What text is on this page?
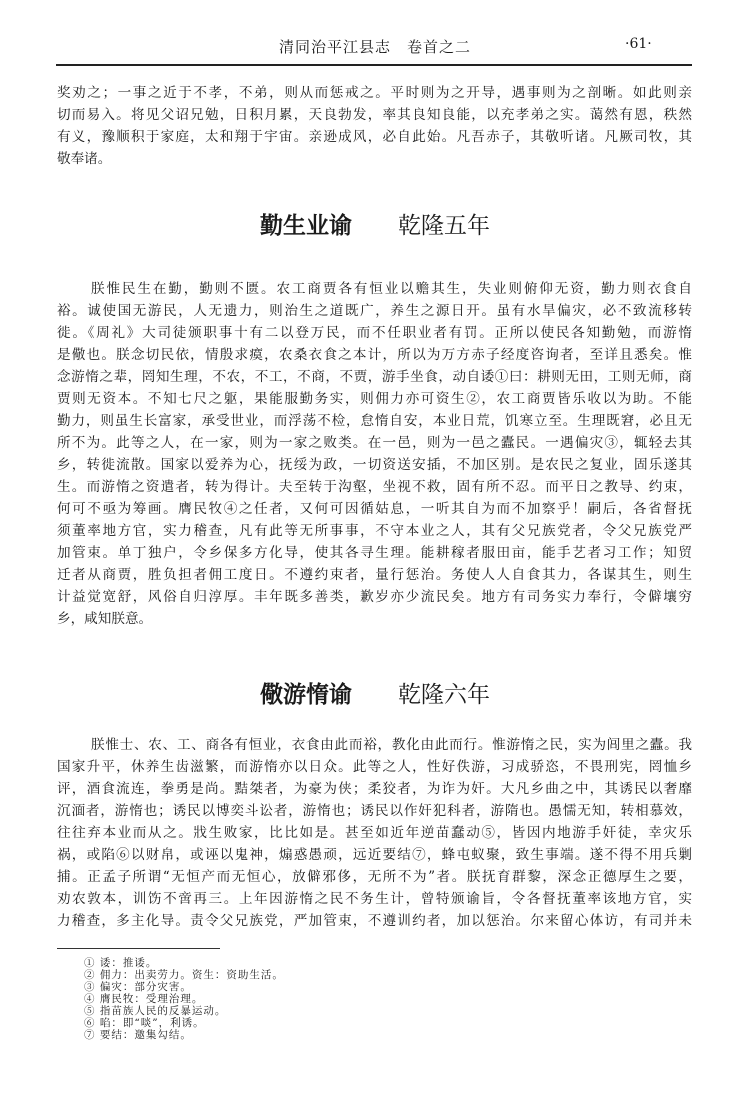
清同治平江县志　卷首之二	·61·
奖劝之；一事之近于不孝，不弟，则从而惩戒之。平时则为之开导，遇事则为之剖晰。如此则亲
切而易入。将见父诏兄勉，日积月累，天良勃发，率其良知良能，以充孝弟之实。蔼然有恩，秩然
有义，豫顺积于家庭，太和翔于宇宙。亲逊成风，必自此始。凡吾赤子，其敬听诸。凡厥司牧，其
敬奉诸。
勤生业谕 乾隆五年
朕惟民生在勤，勤则不匮。农工商贾各有恒业以赡其生，失业则俯仰无资，勤力则衣食自
裕。诚使国无游民，人无遗力，则治生之道既广，养生之源日开。虽有水旱偏灾，必不致流移转
徙。《周礼》大司徒颁职事十有二以登万民，而不任职业者有罚。正所以使民各知勤勉，而游惰
是儆也。朕念切民依，情殷求瘼，农桑衣食之本计，所以为万方赤子经度咨询者，至详且悉矣。惟
念游惰之辈，罔知生理，不农，不工，不商，不贾，游手坐食，动自诿①曰：耕则无田，工则无师，商
贾则无资本。不知七尺之躯，果能服勤务实，则佣力亦可资生②，农工商贾皆乐收以为助。不能
勤力，则虽生长富家，承受世业，而浮荡不检，怠惰自安，本业日荒，饥寒立至。生理既窘，必且无
所不为。此等之人，在一家，则为一家之败类。在一邑，则为一邑之蠹民。一遇偏灾③，辄轻去其
乡，转徙流散。国家以爱养为心，抚绥为政，一切资送安插，不加区别。是农民之复业，固乐遂其
生。而游惰之资遣者，转为得计。夫至转于沟壑，坐视不救，固有所不忍。而平日之教导、约束，
何可不亟为筹画。膺民牧④之任者，又何可因循姑息，一听其自为而不加察乎！嗣后，各省督抚
须董率地方官，实力稽查，凡有此等无所事事，不守本业之人，其有父兄族党者，令父兄族党严
加管束。单丁独户，令乡保多方化导，使其各寻生理。能耕稼者服田亩，能手艺者习工作；知贸
迁者从商贾，胜负担者佣工度日。不遵约束者，量行惩治。务使人人自食其力，各谋其生，则生
计益觉宽舒，风俗自归淳厚。丰年既多善类，歉岁亦少流民矣。地方有司务实力奉行，令僻壤穷
乡，咸知朕意。
儆游惰谕 乾隆六年
朕惟士、农、工、商各有恒业，衣食由此而裕，教化由此而行。惟游惰之民，实为闾里之蠹。我
国家升平，休养生齿滋繁，而游惰亦以日众。此等之人，性好佚游，习成骄恣，不畏刑宪，罔恤乡
评，酒食流连，拳勇是尚。黠桀者，为豪为侠；柔狡者，为诈为奸。大凡乡曲之中，其诱民以奢靡
沉湎者，游惰也；诱民以博奕斗讼者，游惰也；诱民以作奸犯科者，游隋也。愚懦无知，转相慕效，
往往弃本业而从之。戕生败家，比比如是。甚至如近年逆苗蠢动⑤，皆因内地游手奸徒，幸灾乐
祸，或陷⑥以财帛，或诬以鬼神，煽惑愚顽，远近要结⑦，蜂屯蚁聚，致生事端。遂不得不用兵剿
捕。正孟子所谓“无恒产而无恒心，放僻邪侈，无所不为”者。朕抚育群黎，深念正德厚生之要，
劝农敦本，训饬不啻再三。上年因游惰之民不务生计，曾特颁谕旨，令各督抚董率该地方官，实
力稽查，多主化导。责令父兄族党，严加管束，不遵训约者，加以惩治。尔来留心体访，有司并未
① 诿：推诿。
② 佣力：出卖劳力。资生：资助生活。
③ 偏灾：部分灾害。
④ 膺民牧：受理治理。
⑤ 指苗族人民的反暴运动。
⑥ 啗：即“啖”，利诱。
⑦ 要结：邀集勾结。
